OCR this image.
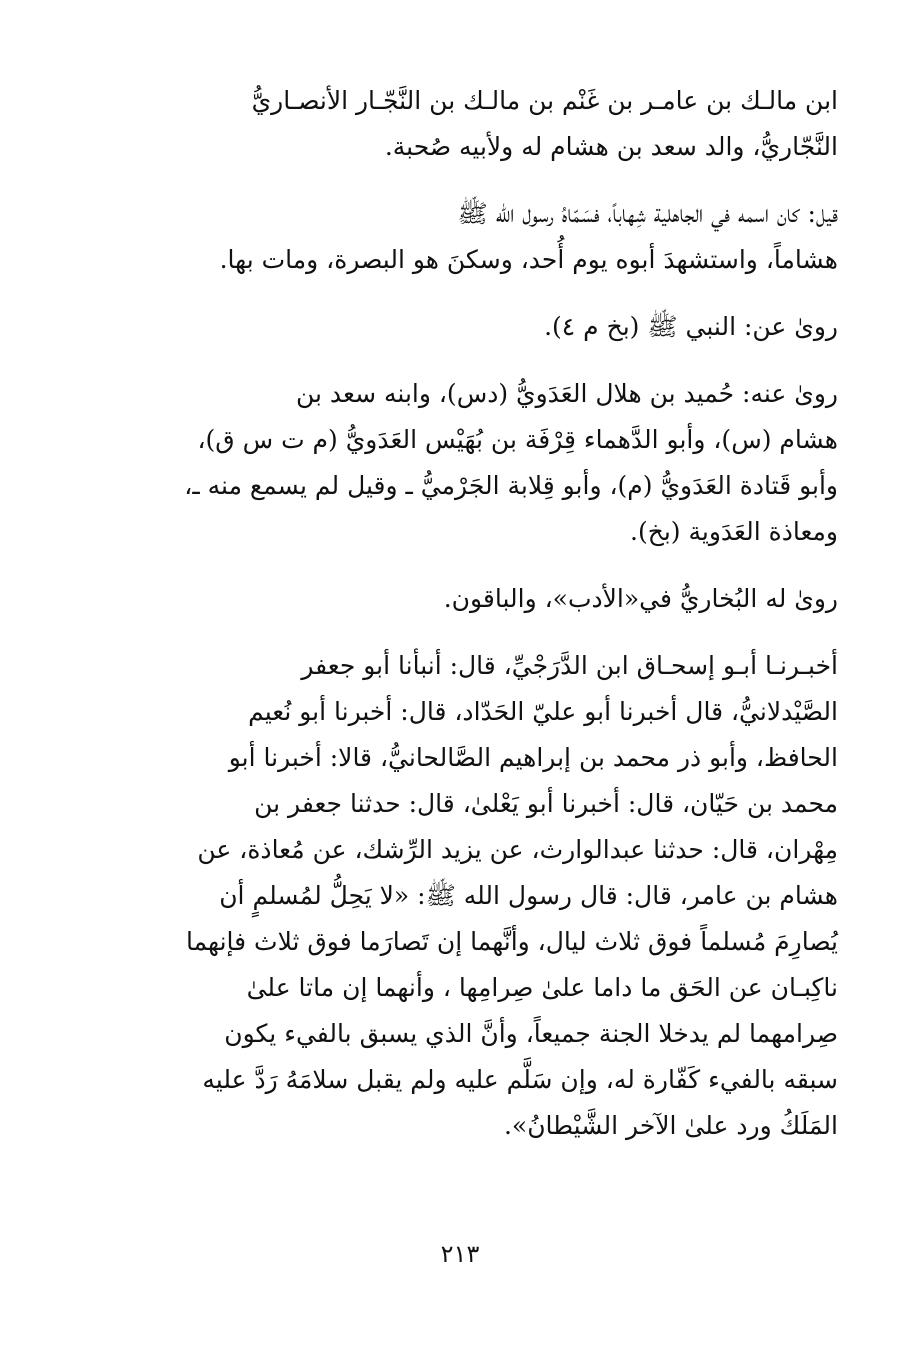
ابن مالـك بن عامـر بن غَنْم بن مالـك بن النَّجّـار الأنصـاريُّ
النَّجّاريُّ، والد سعد بن هشام له ولأبيه صُحبة.
قيل: كان اسمه في الجاهلية شِهاباً، فسَمّاهُ رسول الله ﷺ
هشاماً، واستشهدَ أبوه يوم أُحد، وسكنَ هو البصرة، ومات بها.
روىٰ عن: النبي ﷺ (بخ م ٤).
روىٰ عنه: حُميد بن هلال العَدَويُّ (دس)، وابنه سعد بن
هشام (س)، وأبو الدَّهماء قِرْفَة بن بُهَيْس العَدَويُّ (م ت س ق)،
وأبو قَتادة العَدَويُّ (م)، وأبو قِلابة الجَرْميُّ ـ وقيل لم يسمع منه ـ،
ومعاذة العَدَوية (بخ).
روىٰ له البُخاريُّ في«الأدب»، والباقون.
أخبـرنـا أبـو إسحـاق ابن الدَّرَجْيِّ، قال: أنبأنا أبو جعفر
الصَّيْدلانيُّ، قال أخبرنا أبو عليّ الحَدّاد، قال: أخبرنا أبو نُعيم
الحافظ، وأبو ذر محمد بن إبراهيم الصَّالحانيُّ، قالا: أخبرنا أبو
محمد بن حَيّان، قال: أخبرنا أبو يَعْلىٰ، قال: حدثنا جعفر بن
مِهْران، قال: حدثنا عبدالوارث، عن يزيد الرِّشك، عن مُعاذة، عن
هشام بن عامر، قال: قال رسول الله ﷺ: «لا يَحِلُّ لمُسلمٍ أن
يُصارِمَ مُسلماً فوق ثلاث ليال، وأنَّهما إن تَصارَما فوق ثلاث فإنهما
ناكِبـان عن الحَق ما داما علىٰ صِرامِها ، وأنهما إن ماتا علىٰ
صِرامهما لم يدخلا الجنة جميعاً، وأنَّ الذي يسبق بالفيء يكون
سبقه بالفيء كَفّارة له، وإن سَلَّم عليه ولم يقبل سلامَهُ رَدَّ عليه
المَلَكُ ورد علىٰ الآخر الشَّيْطانُ».
٢١٣
